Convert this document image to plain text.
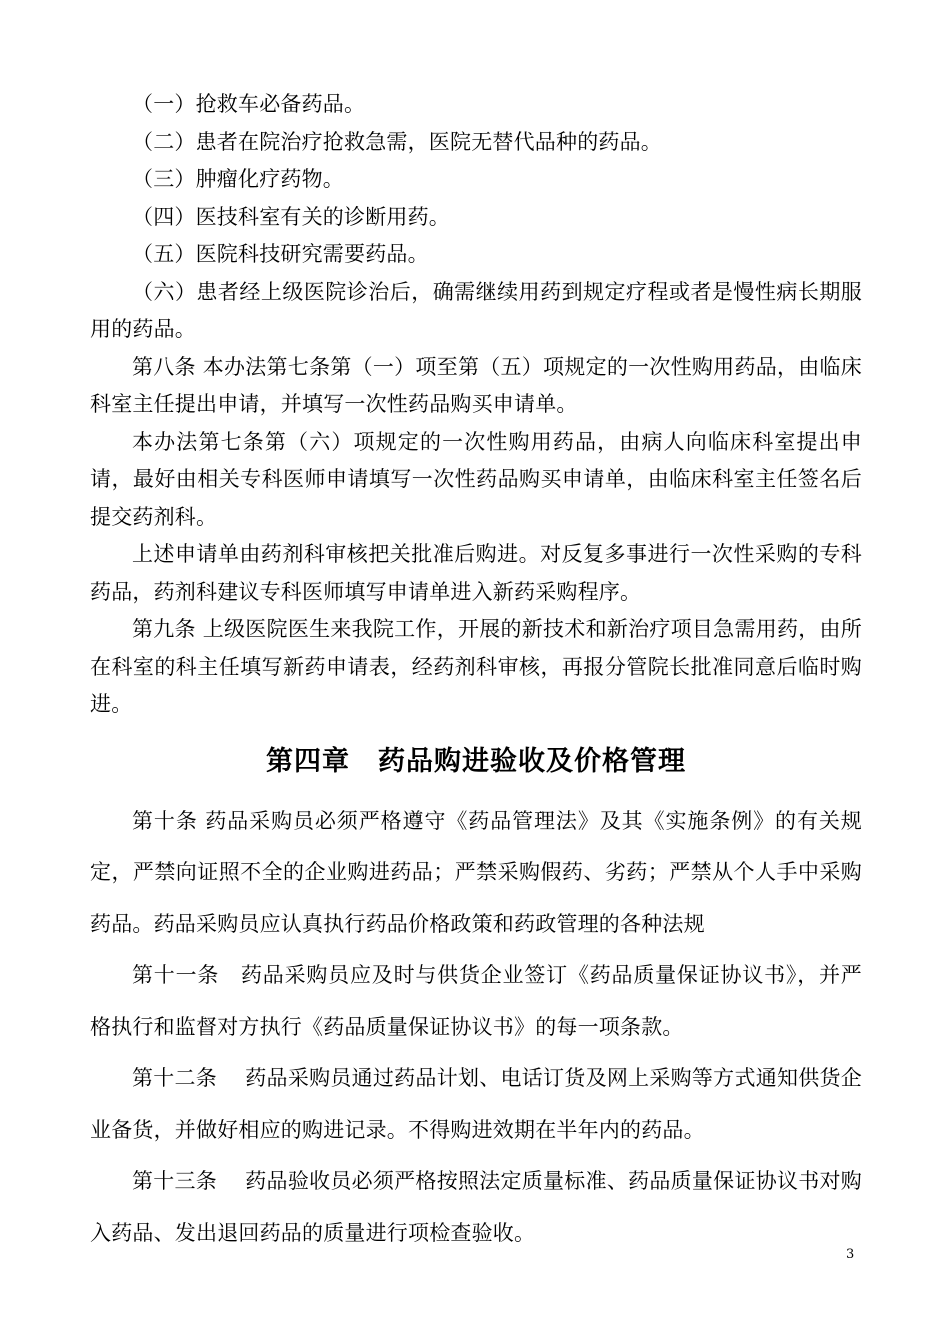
（一）抢救车必备药品。

（二）患者在院治疗抢救急需，医院无替代品种的药品。

（三）肿瘤化疗药物。

（四）医技科室有关的诊断用药。

（五）医院科技研究需要药品。

（六）患者经上级医院诊治后，确需继续用药到规定疗程或者是慢性病长期服用的药品。

第八条 本办法第七条第（一）项至第（五）项规定的一次性购用药品，由临床科室主任提出申请，并填写一次性药品购买申请单。

本办法第七条第（六）项规定的一次性购用药品，由病人向临床科室提出申请，最好由相关专科医师申请填写一次性药品购买申请单，由临床科室主任签名后提交药剂科。

上述申请单由药剂科审核把关批准后购进。对反复多事进行一次性采购的专科药品，药剂科建议专科医师填写申请单进入新药采购程序。

第九条 上级医院医生来我院工作，开展的新技术和新治疗项目急需用药，由所在科室的科主任填写新药申请表，经药剂科审核，再报分管院长批准同意后临时购进。

第四章　药品购进验收及价格管理

第十条 药品采购员必须严格遵守《药品管理法》及其《实施条例》的有关规定，严禁向证照不全的企业购进药品；严禁采购假药、劣药；严禁从个人手中采购药品。药品采购员应认真执行药品价格政策和药政管理的各种法规

第十一条　药品采购员应及时与供货企业签订《药品质量保证协议书》，并严格执行和监督对方执行《药品质量保证协议书》的每一项条款。

第十二条　 药品采购员通过药品计划、电话订货及网上采购等方式通知供货企业备货，并做好相应的购进记录。不得购进效期在半年内的药品。

第十三条　 药品验收员必须严格按照法定质量标准、药品质量保证协议书对购入药品、发出退回药品的质量进行项检查验收。

3
